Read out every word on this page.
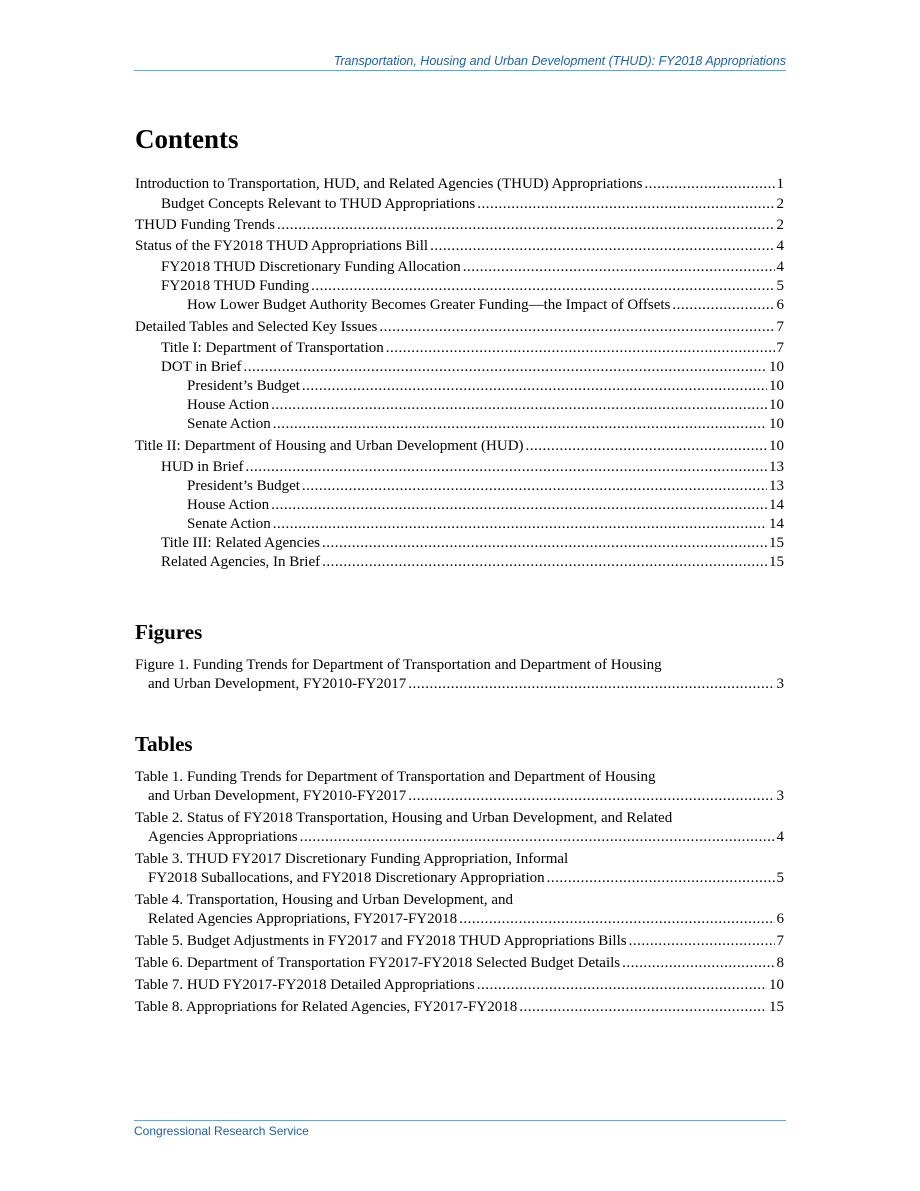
Transportation, Housing and Urban Development (THUD): FY2018 Appropriations
Contents
Introduction to Transportation, HUD, and Related Agencies (THUD) Appropriations .....	1
Budget Concepts Relevant to THUD Appropriations .....	2
THUD Funding Trends .....	2
Status of the FY2018 THUD Appropriations Bill .....	4
FY2018 THUD Discretionary Funding Allocation .....	4
FY2018 THUD Funding .....	5
How Lower Budget Authority Becomes Greater Funding—the Impact of Offsets .....	6
Detailed Tables and Selected Key Issues .....	7
Title I: Department of Transportation .....	7
DOT in Brief .....	10
President’s Budget .....	10
House Action .....	10
Senate Action .....	10
Title II: Department of Housing and Urban Development (HUD) .....	10
HUD in Brief .....	13
President’s Budget .....	13
House Action .....	14
Senate Action .....	14
Title III: Related Agencies .....	15
Related Agencies, In Brief .....	15
Figures
Figure 1. Funding Trends for Department of Transportation and Department of Housing
and Urban Development, FY2010-FY2017 .....	3
Tables
Table 1. Funding Trends for Department of Transportation and Department of Housing
and Urban Development, FY2010-FY2017 .....	3
Table 2. Status of FY2018 Transportation, Housing and Urban Development, and Related
Agencies Appropriations .....	4
Table 3. THUD FY2017 Discretionary Funding Appropriation, Informal
FY2018 Suballocations, and FY2018 Discretionary Appropriation .....	5
Table 4. Transportation, Housing and Urban Development, and
Related Agencies Appropriations, FY2017-FY2018 .....	6
Table 5. Budget Adjustments in FY2017 and FY2018 THUD Appropriations Bills .....	7
Table 6. Department of Transportation FY2017-FY2018 Selected Budget Details .....	8
Table 7. HUD FY2017-FY2018 Detailed Appropriations .....	10
Table 8. Appropriations for Related Agencies, FY2017-FY2018 .....	15
Congressional Research Service
